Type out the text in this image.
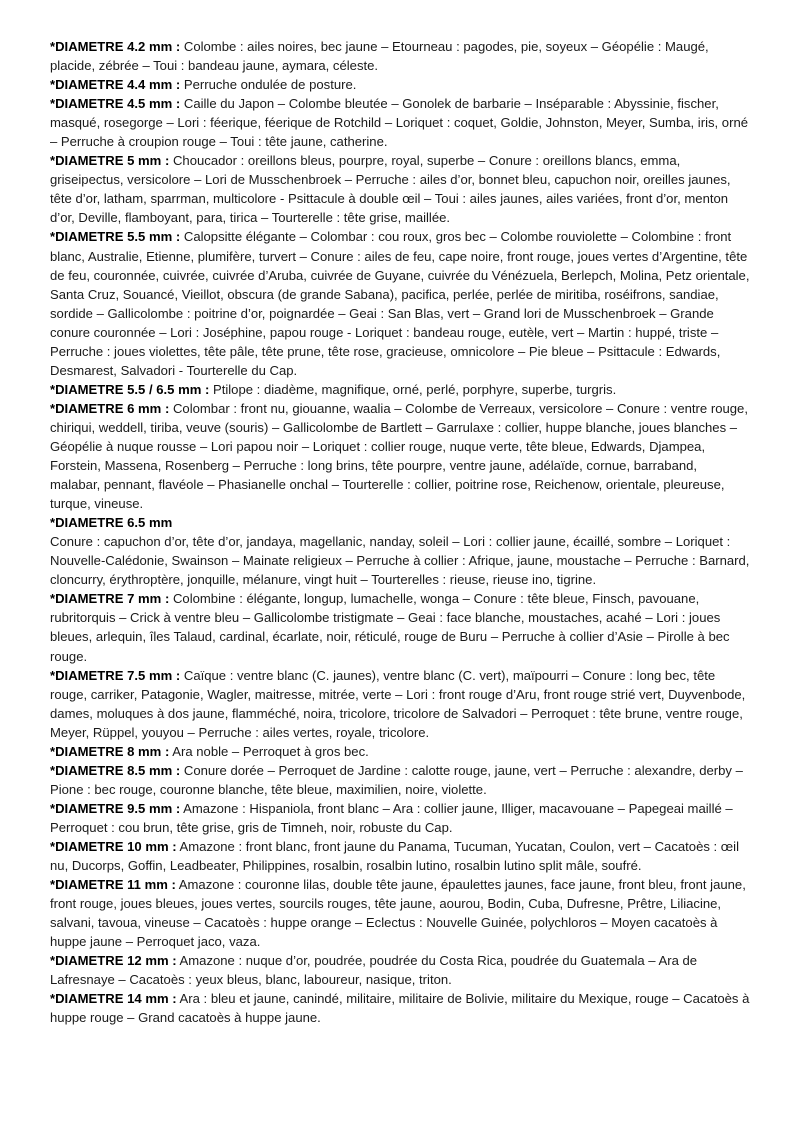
*DIAMETRE 4.2 mm : Colombe : ailes noires, bec jaune – Etourneau : pagodes, pie, soyeux – Géopélie : Maugé, placide, zébrée – Toui : bandeau jaune, aymara, céleste.

*DIAMETRE 4.4 mm : Perruche ondulée de posture.

*DIAMETRE 4.5 mm : Caille du Japon – Colombe bleutée – Gonolek de barbarie – Inséparable : Abyssinie, fischer, masqué, rosegorge – Lori : féerique, féerique de Rotchild – Loriquet : coquet, Goldie, Johnston, Meyer, Sumba, iris, orné – Perruche à croupion rouge – Toui : tête jaune, catherine.

*DIAMETRE 5 mm : Choucador : oreillons bleus, pourpre, royal, superbe – Conure : oreillons blancs, emma, griseipectus, versicolore – Lori de Musschenbroek – Perruche : ailes d’or, bonnet bleu, capuchon noir, oreilles jaunes, tête d’or, latham, sparrman, multicolore - Psittacule à double œil – Toui : ailes jaunes, ailes variées, front d’or, menton d’or, Deville, flamboyant, para, tirica – Tourterelle : tête grise, maillée.

*DIAMETRE 5.5 mm : Calopsitte élégante – Colombar : cou roux, gros bec – Colombe rouviolette – Colombine : front blanc, Australie, Etienne, plumifère, turvert – Conure : ailes de feu, cape noire, front rouge, joues vertes d’Argentine, tête de feu, couronnée, cuivrée, cuivrée d’Aruba, cuivrée de Guyane, cuivrée du Vénézuela, Berlepch, Molina, Petz orientale, Santa Cruz, Souancé, Vieillot, obscura (de grande Sabana), pacifica, perlée, perlée de miritiba, roséifrons, sandiae, sordide – Gallicolombe : poitrine d’or, poignardée – Geai : San Blas, vert – Grand lori de Musschenbroek – Grande conure couronnée – Lori : Joséphine, papou rouge - Loriquet : bandeau rouge, eutèle, vert – Martin : huppé, triste – Perruche : joues violettes, tête pâle, tête prune, tête rose, gracieuse, omnicolore – Pie bleue – Psittacule : Edwards, Desmarest, Salvadori - Tourterelle du Cap.

*DIAMETRE 5.5 / 6.5 mm : Ptilope : diadème, magnifique, orné, perlé, porphyre, superbe, turgris.

*DIAMETRE 6 mm : Colombar : front nu, giouanne, waalia – Colombe de Verreaux, versicolore – Conure : ventre rouge, chiriqui, weddell, tiriba, veuve (souris) – Gallicolombe de Bartlett – Garrulaxe : collier, huppe blanche, joues blanches – Géopélie à nuque rousse – Lori papou noir – Loriquet : collier rouge, nuque verte, tête bleue, Edwards, Djampea, Forstein, Massena, Rosenberg – Perruche : long brins, tête pourpre, ventre jaune, adélaïde, cornue, barraband, malabar, pennant, flavéole – Phasianelle onchal – Tourterelle : collier, poitrine rose, Reichenow, orientale, pleureuse, turque, vineuse.

*DIAMETRE 6.5 mm

Conure : capuchon d’or, tête d’or, jandaya, magellanic, nanday, soleil – Lori : collier jaune, écaillé, sombre – Loriquet : Nouvelle-Calédonie, Swainson – Mainate religieux – Perruche à collier : Afrique, jaune, moustache – Perruche : Barnard, cloncurry, érythroptère, jonquille, mélanure, vingt huit – Tourterelles : rieuse, rieuse ino, tigrine.

*DIAMETRE 7 mm : Colombine : élégante, longup, lumachelle, wonga – Conure : tête bleue, Finsch, pavouane, rubritorquis – Crick à ventre bleu – Gallicolombe tristigmate – Geai : face blanche, moustaches, acahé – Lori : joues bleues, arlequin, îles Talaud, cardinal, écarlate, noir, réticulé, rouge de Buru – Perruche à collier d’Asie – Pirolle à bec rouge.

*DIAMETRE 7.5 mm : Caïque : ventre blanc (C. jaunes), ventre blanc (C. vert), maïpourri – Conure : long bec, tête rouge, carriker, Patagonie, Wagler, maitresse, mitrée, verte – Lori : front rouge d’Aru, front rouge strié vert, Duyvenbode, dames, moluques à dos jaune, flamméché, noira, tricolore, tricolore de Salvadori – Perroquet : tête brune, ventre rouge, Meyer, Rüppel, youyou – Perruche : ailes vertes, royale, tricolore.

*DIAMETRE 8 mm : Ara noble – Perroquet à gros bec.

*DIAMETRE 8.5 mm : Conure dorée – Perroquet de Jardine : calotte rouge, jaune, vert – Perruche : alexandre, derby – Pione : bec rouge, couronne blanche, tête bleue, maximilien, noire, violette.

*DIAMETRE 9.5 mm : Amazone : Hispaniola, front blanc – Ara : collier jaune, Illiger, macavouane – Papegeai maillé – Perroquet : cou brun, tête grise, gris de Timneh, noir, robuste du Cap.

*DIAMETRE 10 mm : Amazone : front blanc, front jaune du Panama, Tucuman, Yucatan, Coulon, vert – Cacatoès : œil nu, Ducorps, Goffin, Leadbeater, Philippines, rosalbin, rosalbin lutino, rosalbin lutino split mâle, soufré.

*DIAMETRE 11 mm : Amazone : couronne lilas, double tête jaune, épaulettes jaunes, face jaune, front bleu, front jaune, front rouge, joues bleues, joues vertes, sourcils rouges, tête jaune, aourou, Bodin, Cuba, Dufresne, Prêtre, Liliacine, salvani, tavoua, vineuse – Cacatoès : huppe orange – Eclectus : Nouvelle Guinée, polychloros – Moyen cacatoès à huppe jaune – Perroquet jaco, vaza.

*DIAMETRE 12 mm : Amazone : nuque d’or, poudrée, poudrée du Costa Rica, poudrée du Guatemala – Ara de Lafresnaye – Cacatoès : yeux bleus, blanc, laboureur, nasique, triton.

*DIAMETRE 14 mm : Ara : bleu et jaune, canindé, militaire, militaire de Bolivie, militaire du Mexique, rouge – Cacatoès à huppe rouge – Grand cacatoès à huppe jaune.
